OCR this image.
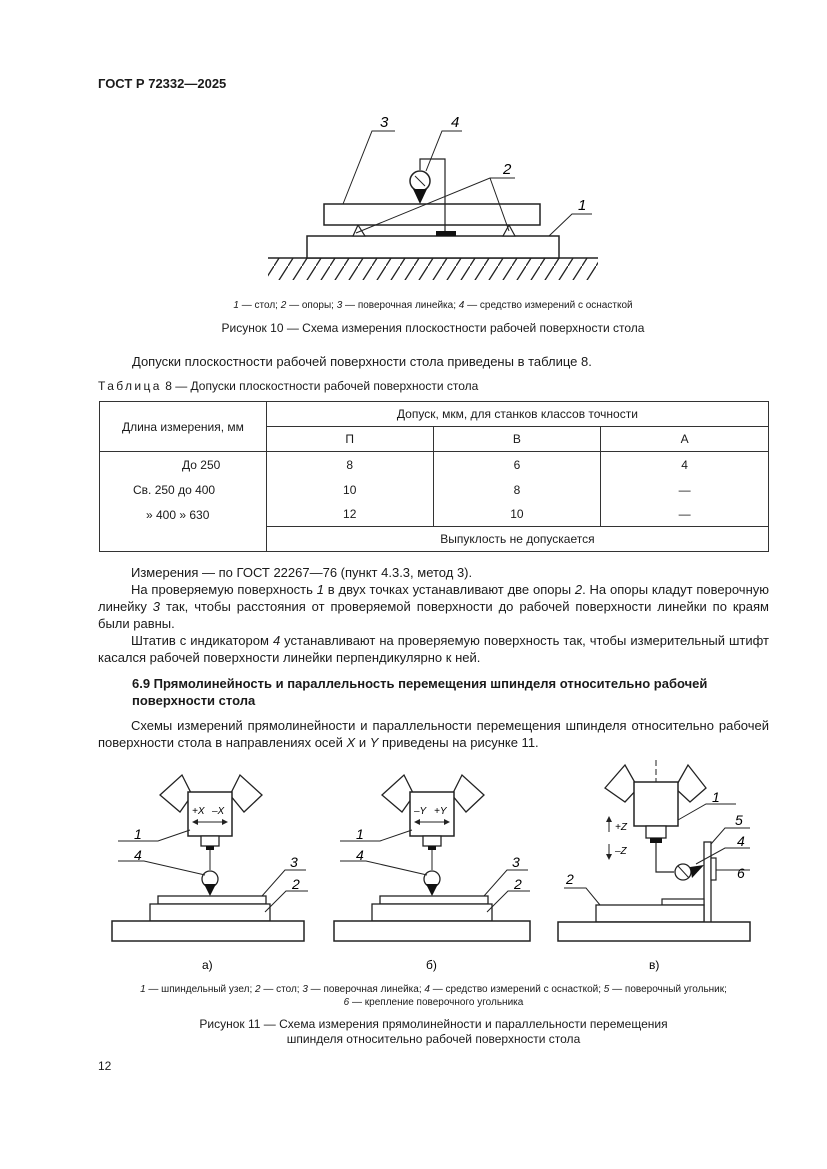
ГОСТ Р 72332—2025
3	4
2
1
1 — стол; 2 — опоры; 3 — поверочная линейка; 4 — средство измерений с оснасткой
Рисунок 10 — Схема измерения плоскостности рабочей поверхности стола
Допуски плоскостности рабочей поверхности стола приведены в таблице 8.
Таблица 8 — Допуски плоскостности рабочей поверхности стола
Длина измерения, мм	Допуск, мкм, для станков классов точности		
	П	В	А
До 250	8	6	4
Св. 250 до 400	10	8	—
» 400 » 630	12	10	—
	Выпуклость не допускается		
Измерения — по ГОСТ 22267—76 (пункт 4.3.3, метод 3).
На проверяемую поверхность 1 в двух точках устанавливают две опоры 2. На опоры кладут поверочную линейку 3 так, чтобы расстояния от проверяемой поверхности до рабочей поверхности линейки по краям были равны.
Штатив с индикатором 4 устанавливают на проверяемую поверхность так, чтобы измерительный штифт касался рабочей поверхности линейки перпендикулярно к ней.
6.9 Прямолинейность и параллельность перемещения шпинделя относительно рабочей поверхности стола
Схемы измерений прямолинейности и параллельности перемещения шпинделя относительно рабочей поверхности стола в направлениях осей X и Y приведены на рисунке 11.
+X –X
1
4	3
2
–Y +Y
1
4	3
2
+Z
–Z
1
5
4
6
2
а)	б)	в)
1 — шпиндельный узел; 2 — стол; 3 — поверочная линейка; 4 — средство измерений с оснасткой; 5 — поверочный угольник;
6 — крепление поверочного угольника
Рисунок 11 — Схема измерения прямолинейности и параллельности перемещения
шпинделя относительно рабочей поверхности стола
12
